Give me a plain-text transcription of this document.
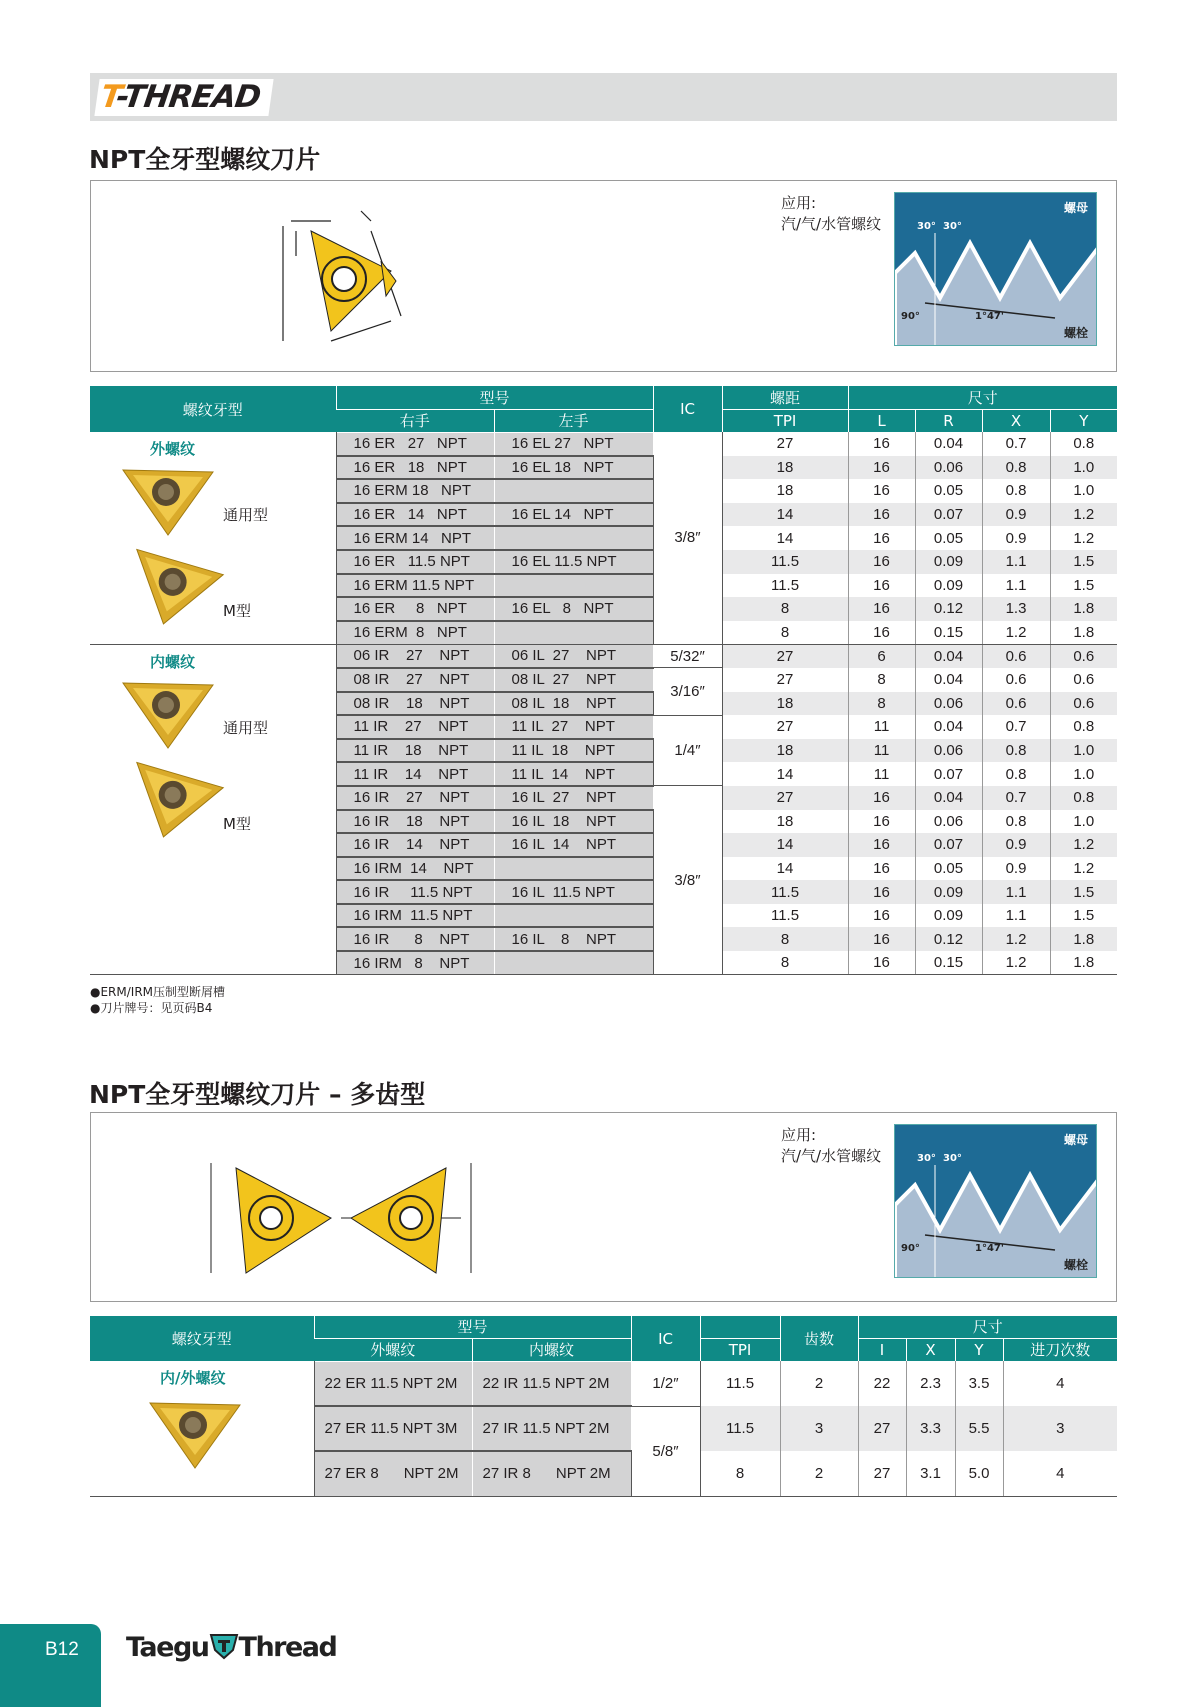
T-THREAD
NPT全牙型螺纹刀片
应用:
汽/气/水管螺纹
螺母
30° 30°
90°	1°47'
螺栓
螺纹牙型	型号		IC	螺距	尺寸			
	右手	左手		TPI	L	R	X	Y

外螺纹

通用型

M型	16 ER   27   NPT	16 EL 27   NPT	3/8″	27	16	0.04	0.7	0.8
	16 ER   18   NPT	16 EL 18   NPT		18	16	0.06	0.8	1.0
	16 ERM 18   NPT			18	16	0.05	0.8	1.0
	16 ER   14   NPT	16 EL 14   NPT		14	16	0.07	0.9	1.2
	16 ERM 14   NPT			14	16	0.05	0.9	1.2
	16 ER   11.5 NPT	16 EL 11.5 NPT		11.5	16	0.09	1.1	1.5
	16 ERM 11.5 NPT			11.5	16	0.09	1.1	1.5
	16 ER     8   NPT	16 EL   8   NPT		8	16	0.12	1.3	1.8
	16 ERM  8   NPT			8	16	0.15	1.2	1.8

内螺纹

通用型

M型	06 IR    27    NPT	06 IL  27    NPT	5/32″	27	6	0.04	0.6	0.6
	08 IR    27    NPT	08 IL  27    NPT	3/16″	27	8	0.04	0.6	0.6
	08 IR    18    NPT	08 IL  18    NPT		18	8	0.06	0.6	0.6
	11 IR    27    NPT	11 IL  27    NPT	1/4″	27	11	0.04	0.7	0.8
	11 IR    18    NPT	11 IL  18    NPT		18	11	0.06	0.8	1.0
	11 IR    14    NPT	11 IL  14    NPT		14	11	0.07	0.8	1.0
	16 IR    27    NPT	16 IL  27    NPT	3/8″	27	16	0.04	0.7	0.8
	16 IR    18    NPT	16 IL  18    NPT		18	16	0.06	0.8	1.0
	16 IR    14    NPT	16 IL  14    NPT		14	16	0.07	0.9	1.2
	16 IRM  14    NPT			14	16	0.05	0.9	1.2
	16 IR     11.5 NPT	16 IL  11.5 NPT		11.5	16	0.09	1.1	1.5
	16 IRM  11.5 NPT			11.5	16	0.09	1.1	1.5
	16 IR      8    NPT	16 IL    8    NPT		8	16	0.12	1.2	1.8
	16 IRM   8    NPT			8	16	0.15	1.2	1.8
●ERM/IRM压制型断屑槽
●刀片牌号：见页码B4
NPT全牙型螺纹刀片 – 多齿型
应用:
汽/气/水管螺纹
螺母
30° 30°
90°	1°47'
螺栓
螺纹牙型	型号		IC		齿数	尺寸			
	外螺纹	内螺纹		TPI		I	X	Y	进刀次数

内/外螺纹	22 ER 11.5 NPT 2M	22 IR 11.5 NPT 2M	1/2″	11.5	2	22	2.3	3.5	4
	27 ER 11.5 NPT 3M	27 IR 11.5 NPT 2M	5/8″	11.5	3	27	3.3	5.5	3
	27 ER 8      NPT 2M	27 IR 8      NPT 2M		8	2	27	3.1	5.0	4
B12	Taegu Thread
